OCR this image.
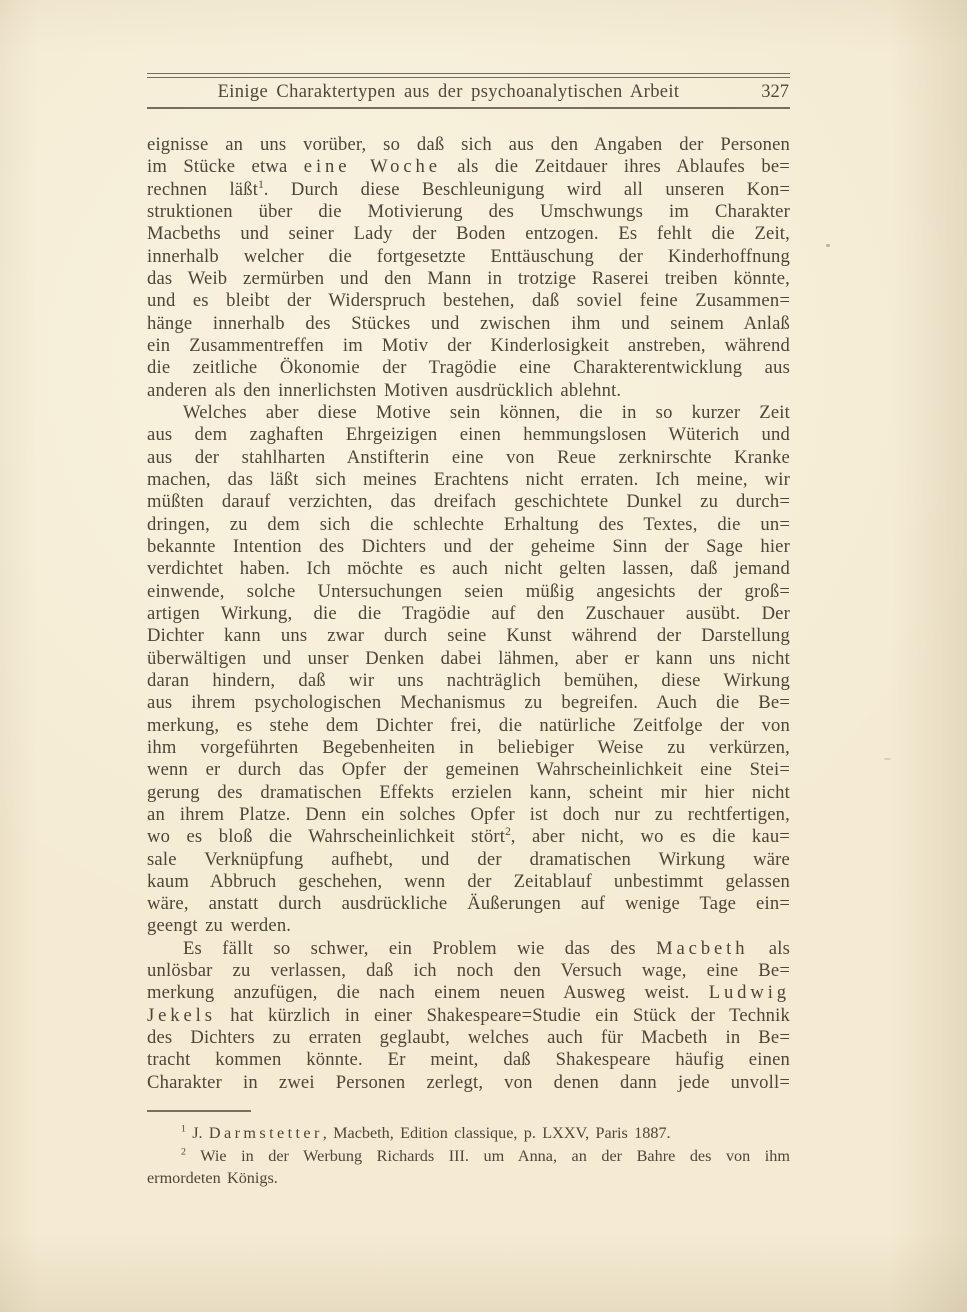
Einige Charaktertypen aus der psychoanalytischen Arbeit	327
eignisse an uns vorüber, so daß sich aus den Angaben der Personen
im Stücke etwa eine Woche als die Zeitdauer ihres Ablaufes be=
rechnen läßt$^1$. Durch diese Beschleunigung wird all unseren Kon=
struktionen über die Motivierung des Umschwungs im Charakter
Macbeths und seiner Lady der Boden entzogen. Es fehlt die Zeit,
innerhalb welcher die fortgesetzte Enttäuschung der Kinderhoffnung
das Weib zermürben und den Mann in trotzige Raserei treiben könnte,
und es bleibt der Widerspruch bestehen, daß soviel feine Zusammen=
hänge innerhalb des Stückes und zwischen ihm und seinem Anlaß
ein Zusammentreffen im Motiv der Kinderlosigkeit anstreben, während
die zeitliche Ökonomie der Tragödie eine Charakterentwicklung aus
anderen als den innerlichsten Motiven ausdrücklich ablehnt.
Welches aber diese Motive sein können, die in so kurzer Zeit
aus dem zaghaften Ehrgeizigen einen hemmungslosen Wüterich und
aus der stahlharten Anstifterin eine von Reue zerknirschte Kranke
machen, das läßt sich meines Erachtens nicht erraten. Ich meine, wir
müßten darauf verzichten, das dreifach geschichtete Dunkel zu durch=
dringen, zu dem sich die schlechte Erhaltung des Textes, die un=
bekannte Intention des Dichters und der geheime Sinn der Sage hier
verdichtet haben. Ich möchte es auch nicht gelten lassen, daß jemand
einwende, solche Untersuchungen seien müßig angesichts der groß=
artigen Wirkung, die die Tragödie auf den Zuschauer ausübt. Der
Dichter kann uns zwar durch seine Kunst während der Darstellung
überwältigen und unser Denken dabei lähmen, aber er kann uns nicht
daran hindern, daß wir uns nachträglich bemühen, diese Wirkung
aus ihrem psychologischen Mechanismus zu begreifen. Auch die Be=
merkung, es stehe dem Dichter frei, die natürliche Zeitfolge der von
ihm vorgeführten Begebenheiten in beliebiger Weise zu verkürzen,
wenn er durch das Opfer der gemeinen Wahrscheinlichkeit eine Stei=
gerung des dramatischen Effekts erzielen kann, scheint mir hier nicht
an ihrem Platze. Denn ein solches Opfer ist doch nur zu rechtfertigen,
wo es bloß die Wahrscheinlichkeit stört$^2$, aber nicht, wo es die kau=
sale Verknüpfung aufhebt, und der dramatischen Wirkung wäre
kaum Abbruch geschehen, wenn der Zeitablauf unbestimmt gelassen
wäre, anstatt durch ausdrückliche Äußerungen auf wenige Tage ein=
geengt zu werden.
Es fällt so schwer, ein Problem wie das des Macbeth als
unlösbar zu verlassen, daß ich noch den Versuch wage, eine Be=
merkung anzufügen, die nach einem neuen Ausweg weist. Ludwig
Jekels hat kürzlich in einer Shakespeare=Studie ein Stück der Technik
des Dichters zu erraten geglaubt, welches auch für Macbeth in Be=
tracht kommen könnte. Er meint, daß Shakespeare häufig einen
Charakter in zwei Personen zerlegt, von denen dann jede unvoll=
$^1$ J. Darmstetter, Macbeth, Edition classique, p. LXXV, Paris 1887.
$^2$ Wie in der Werbung Richards III. um Anna, an der Bahre des von ihm
ermordeten Königs.
